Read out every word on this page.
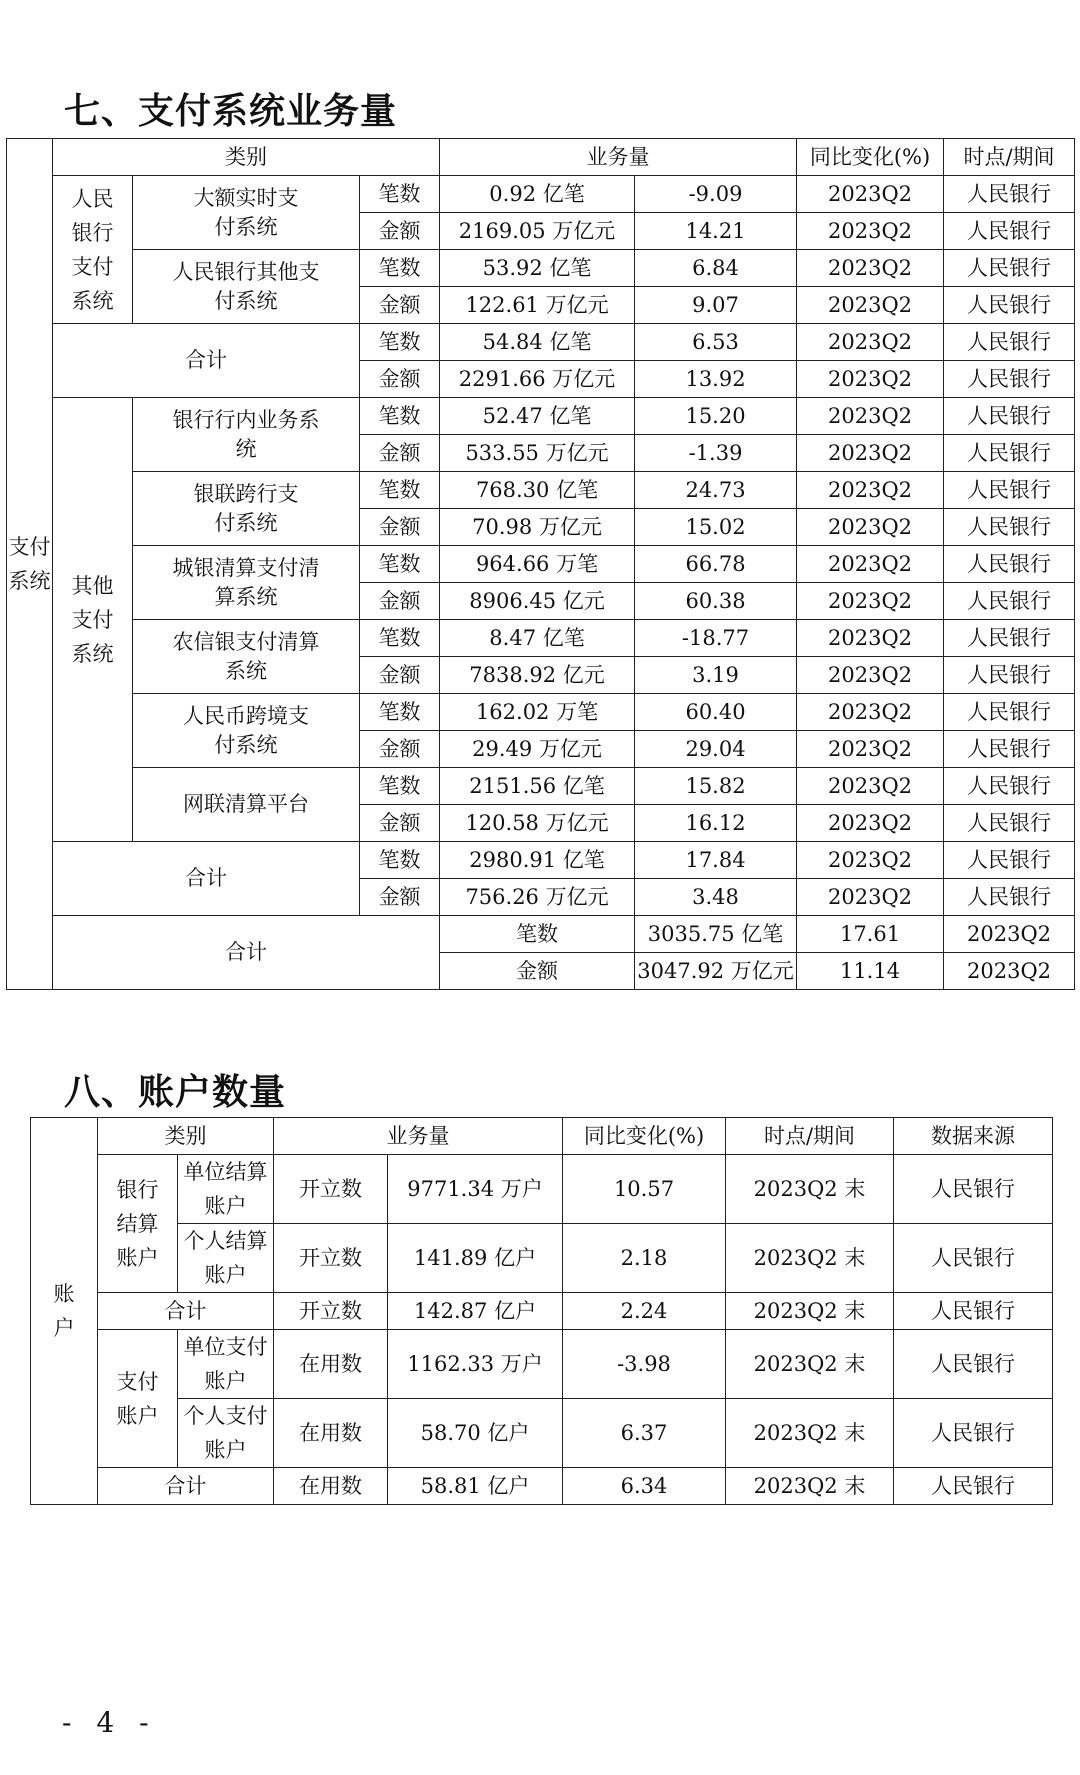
七、支付系统业务量
支付系统	类别			业务量		同比变化(%)	时点/期间	
	人民银行支付系统	大额实时支付系统	笔数	0.92 亿笔	-9.09	2023Q2	人民银行	
			金额	2169.05 万亿元	14.21	2023Q2	人民银行	
		人民银行其他支付系统	笔数	53.92 亿笔	6.84	2023Q2	人民银行	
			金额	122.61 万亿元	9.07	2023Q2	人民银行	
	合计		笔数	54.84 亿笔	6.53	2023Q2	人民银行	
			金额	2291.66 万亿元	13.92	2023Q2	人民银行	
	其他支付系统	银行行内业务系统	笔数	52.47 亿笔	15.20	2023Q2	人民银行	
			金额	533.55 万亿元	-1.39	2023Q2	人民银行	
		银联跨行支付系统	笔数	768.30 亿笔	24.73	2023Q2	人民银行	
			金额	70.98 万亿元	15.02	2023Q2	人民银行	
		城银清算支付清算系统	笔数	964.66 万笔	66.78	2023Q2	人民银行	
			金额	8906.45 亿元	60.38	2023Q2	人民银行	
		农信银支付清算系统	笔数	8.47 亿笔	-18.77	2023Q2	人民银行	
			金额	7838.92 亿元	3.19	2023Q2	人民银行	
		人民币跨境支付系统	笔数	162.02 万笔	60.40	2023Q2	人民银行	
			金额	29.49 万亿元	29.04	2023Q2	人民银行	
		网联清算平台	笔数	2151.56 亿笔	15.82	2023Q2	人民银行	
			金额	120.58 万亿元	16.12	2023Q2	人民银行	
	合计		笔数	2980.91 亿笔	17.84	2023Q2	人民银行	
			金额	756.26 万亿元	3.48	2023Q2	人民银行	
	合计			笔数	3035.75 亿笔	17.61	2023Q2	
				金额	3047.92 万亿元	11.14	2023Q2	
八、账户数量
账户	类别		业务量		同比变化(%)	时点/期间	数据来源
	银行结算账户	单位结算账户	开立数	9771.34 万户	10.57	2023Q2 末	人民银行
		个人结算账户	开立数	141.89 亿户	2.18	2023Q2 末	人民银行
	合计		开立数	142.87 亿户	2.24	2023Q2 末	人民银行
	支付账户	单位支付账户	在用数	1162.33 万户	-3.98	2023Q2 末	人民银行
		个人支付账户	在用数	58.70 亿户	6.37	2023Q2 末	人民银行
	合计		在用数	58.81 亿户	6.34	2023Q2 末	人民银行
- 4 -
